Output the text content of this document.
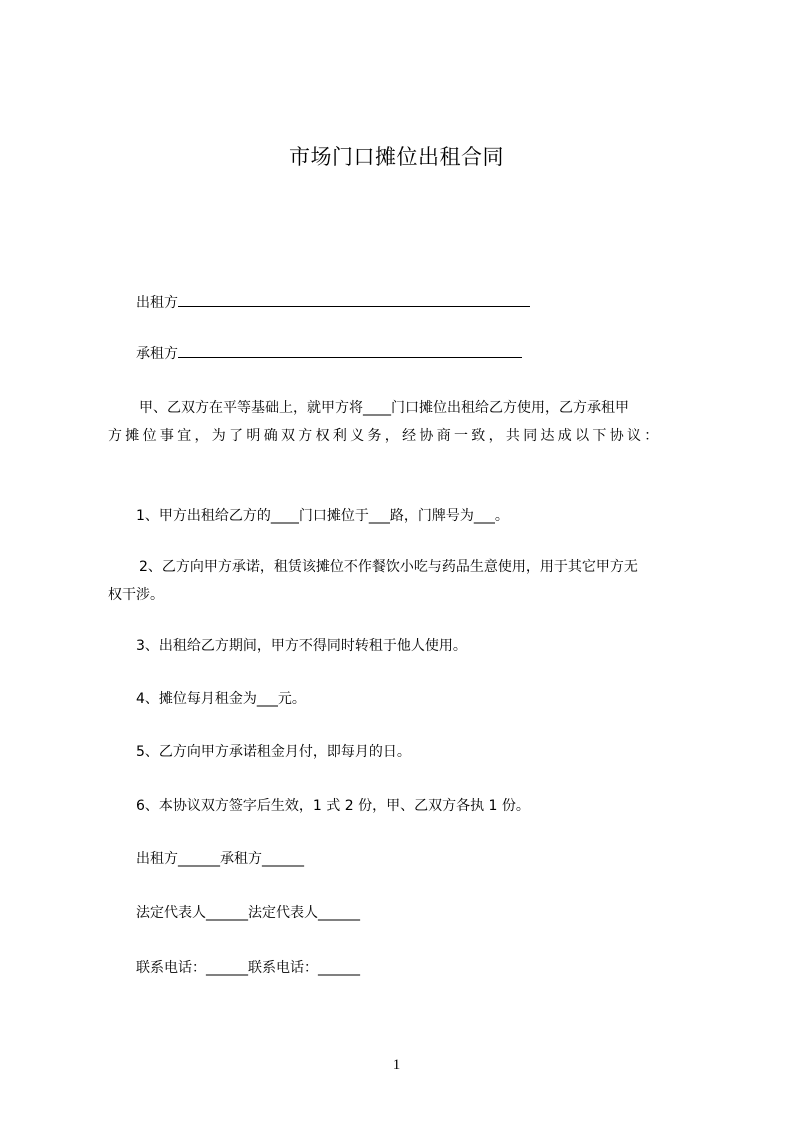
市场门口摊位出租合同
出租方
承租方
甲、乙双方在平等基础上，就甲方将____门口摊位出租给乙方使用，乙方承租甲
方摊位事宜，为了明确双方权利义务，经协商一致，共同达成以下协议：
1、甲方出租给乙方的____门口摊位于___路，门牌号为___。
2、乙方向甲方承诺，租赁该摊位不作餐饮小吃与药品生意使用，用于其它甲方无
权干涉。
3、出租给乙方期间，甲方不得同时转租于他人使用。
4、摊位每月租金为___元。
5、乙方向甲方承诺租金月付，即每月的日。
6、本协议双方签字后生效，1 式 2 份，甲、乙双方各执 1 份。
出租方______承租方______
法定代表人______法定代表人______
联系电话：______联系电话：______
1
